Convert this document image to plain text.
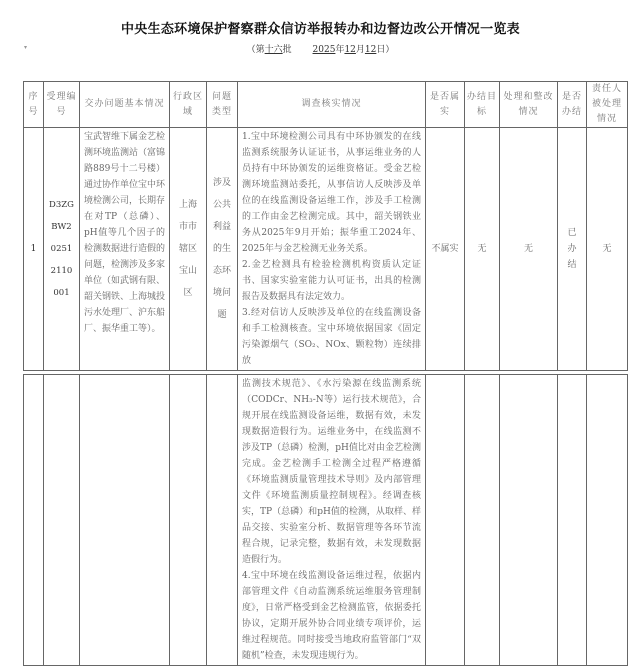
中央生态环境保护督察群众信访举报转办和边督边改公开情况一览表
▾	（第十六批    2025年12月12日）
序号	受理编号	交办问题基本情况	行政区域	问题类型	调查核实情况	是否属实	办结目标	处理和整改情况	是否办结	责任人被处理情况
1	D3ZGBW202512110001	宝武智维下属金艺检测环境监测站（富锦路889号十二号楼）通过协作单位宝中环境检测公司，长期存在对TP（总磷）、pH值等几个因子的检测数据进行造假的问题，检测涉及多家单位（如武钢有限、韶关钢铁、上海城投污水处理厂、沪东船厂、振华重工等）。	上海市市辖区宝山区	涉及公共利益的生态环境问题	1.宝中环境检测公司具有中环协颁发的在线监测系统服务认证证书，从事运维业务的人员持有中环协颁发的运维资格证。受金艺检测环境监测站委托，从事信访人反映涉及单位的在线监测设备运维工作，涉及手工检测的工作由金艺检测完成。其中，韶关钢铁业务从2025年9月开始；振华重工2024年、2025年与金艺检测无业务关系。
2.金艺检测具有检验检测机构资质认定证书、国家实验室能力认可证书，出具的检测报告及数据具有法定效力。
3.经对信访人反映涉及单位的在线监测设备和手工检测核查。宝中环境依据国家《固定污染源烟气（SO₂、NOx、颗粒物）连续排放	不属实	无	无	已办结	无

监测技术规范》、《水污染源在线监测系统（CODCr、NH₃-N等）运行技术规范》，合规开展在线监测设备运维，数据有效，未发现数据造假行为。运维业务中，在线监测不涉及TP（总磷）检测，pH值比对由金艺检测完成。金艺检测手工检测全过程严格遵循《环境监测质量管理技术导则》及内部管理文件《环境监测质量控制规程》。经调查核实，TP（总磷）和pH值的检测，从取样、样品交接、实验室分析、数据管理等各环节流程合规，记录完整，数据有效，未发现数据造假行为。
4.宝中环境在线监测设备运维过程，依据内部管理文件《自动监测系统运维服务管理制度》，日常严格受到金艺检测监管，依据委托协议，定期开展外协合同业绩专项评价，运维过程规范。同时接受当地政府监管部门“双随机”检查，未发现违规行为。
